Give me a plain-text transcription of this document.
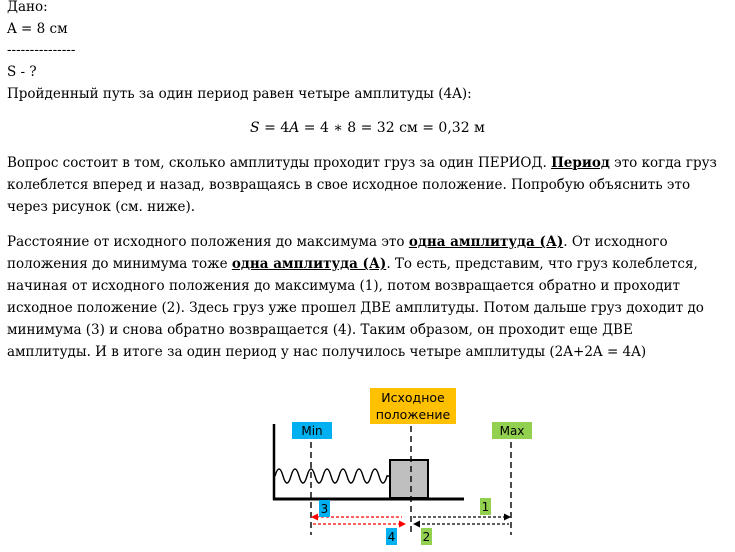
Дано:
A = 8 см
---------------
S - ?
Пройденный путь за один период равен четыре амплитуды (4A):
S = 4A = 4 ∗ 8 = 32 см = 0,32 м
Вопрос состоит в том, сколько амплитуды проходит груз за один ПЕРИОД. Период это когда груз
колеблется вперед и назад, возвращаясь в свое исходное положение. Попробую объяснить это
через рисунок (см. ниже).
Расстояние от исходного положения до максимума это одна амплитуда (А). От исходного
положения до минимума тоже одна амплитуда (А). То есть, представим, что груз колеблется,
начиная от исходного положения до максимума (1), потом возвращается обратно и проходит
исходное положение (2). Здесь груз уже прошел ДВЕ амплитуды. Потом дальше груз доходит до
минимума (3) и снова обратно возвращается (4). Таким образом, он проходит еще ДВЕ
амплитуды. И в итоге за один период у нас получилось четыре амплитуды (2A+2A = 4A)
Исходное
положение
Min	Max
3	1
4 2
